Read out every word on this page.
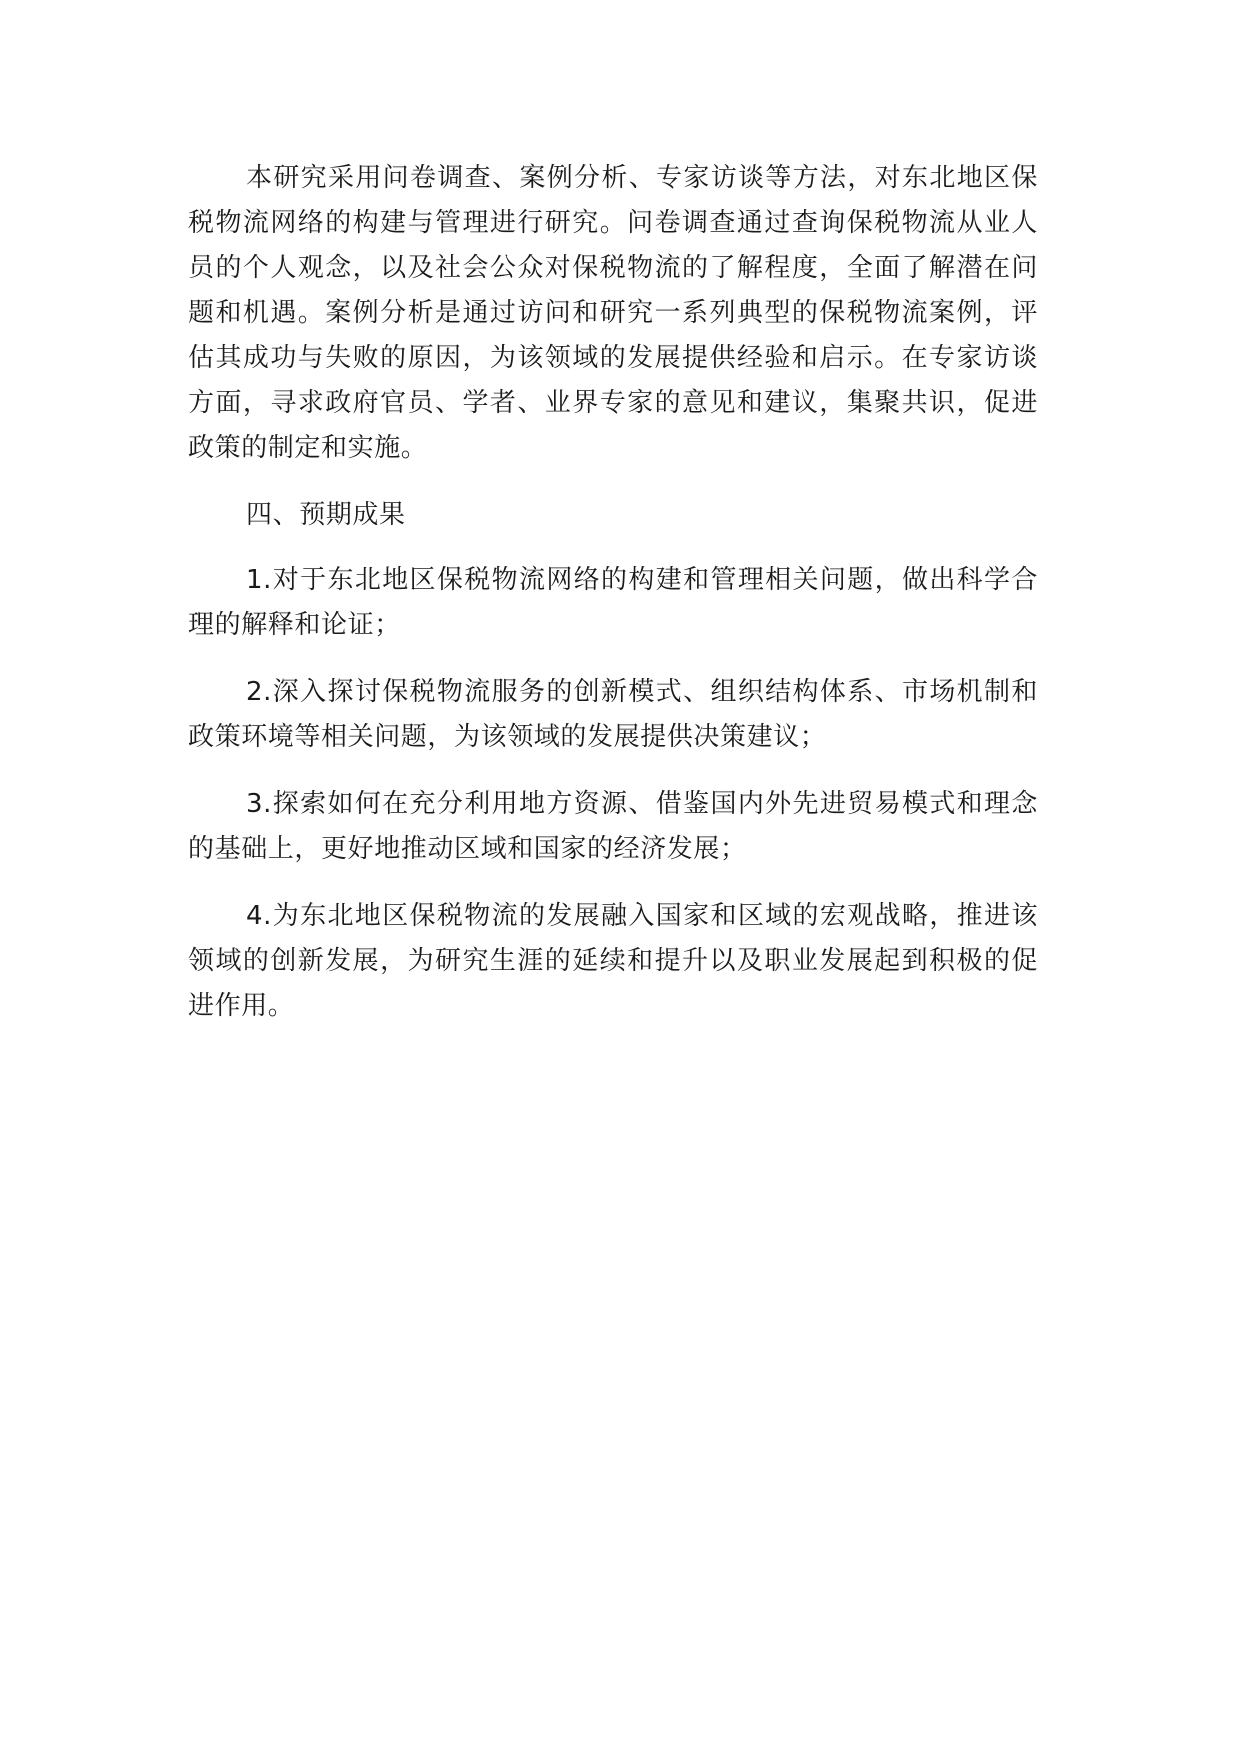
本研究采用问卷调查、案例分析、专家访谈等方法，对东北地区保税物流网络的构建与管理进行研究。问卷调查通过查询保税物流从业人员的个人观念，以及社会公众对保税物流的了解程度，全面了解潜在问题和机遇。案例分析是通过访问和研究一系列典型的保税物流案例，评估其成功与失败的原因，为该领域的发展提供经验和启示。在专家访谈方面，寻求政府官员、学者、业界专家的意见和建议，集聚共识，促进政策的制定和实施。

四、预期成果

1.对于东北地区保税物流网络的构建和管理相关问题，做出科学合理的解释和论证；

2.深入探讨保税物流服务的创新模式、组织结构体系、市场机制和政策环境等相关问题，为该领域的发展提供决策建议；

3.探索如何在充分利用地方资源、借鉴国内外先进贸易模式和理念的基础上，更好地推动区域和国家的经济发展；

4.为东北地区保税物流的发展融入国家和区域的宏观战略，推进该领域的创新发展，为研究生涯的延续和提升以及职业发展起到积极的促进作用。
